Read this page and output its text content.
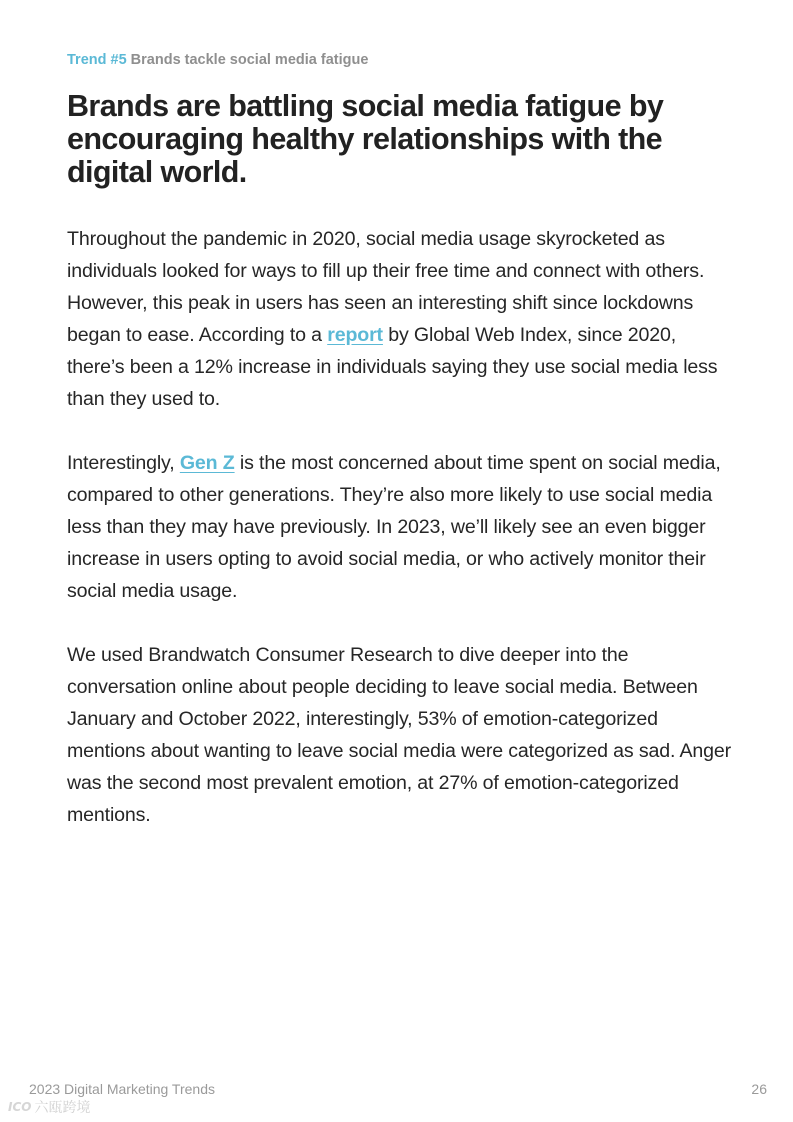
Trend #5 Brands tackle social media fatigue
Brands are battling social media fatigue by encouraging healthy relationships with the digital world.

Throughout the pandemic in 2020, social media usage skyrocketed as individuals looked for ways to fill up their free time and connect with others. However, this peak in users has seen an interesting shift since lockdowns began to ease. According to a report by Global Web Index, since 2020, there’s been a 12% increase in individuals saying they use social media less than they used to.

Interestingly, Gen Z is the most concerned about time spent on social media, compared to other generations. They’re also more likely to use social media less than they may have previously. In 2023, we’ll likely see an even bigger increase in users opting to avoid social media, or who actively monitor their social media usage.

We used Brandwatch Consumer Research to dive deeper into the conversation online about people deciding to leave social media. Between January and October 2022, interestingly, 53% of emotion-categorized mentions about wanting to leave social media were categorized as sad. Anger was the second most prevalent emotion, at 27% of emotion-categorized mentions.

2023 Digital Marketing Trends	26
ICO 六瓯跨境
